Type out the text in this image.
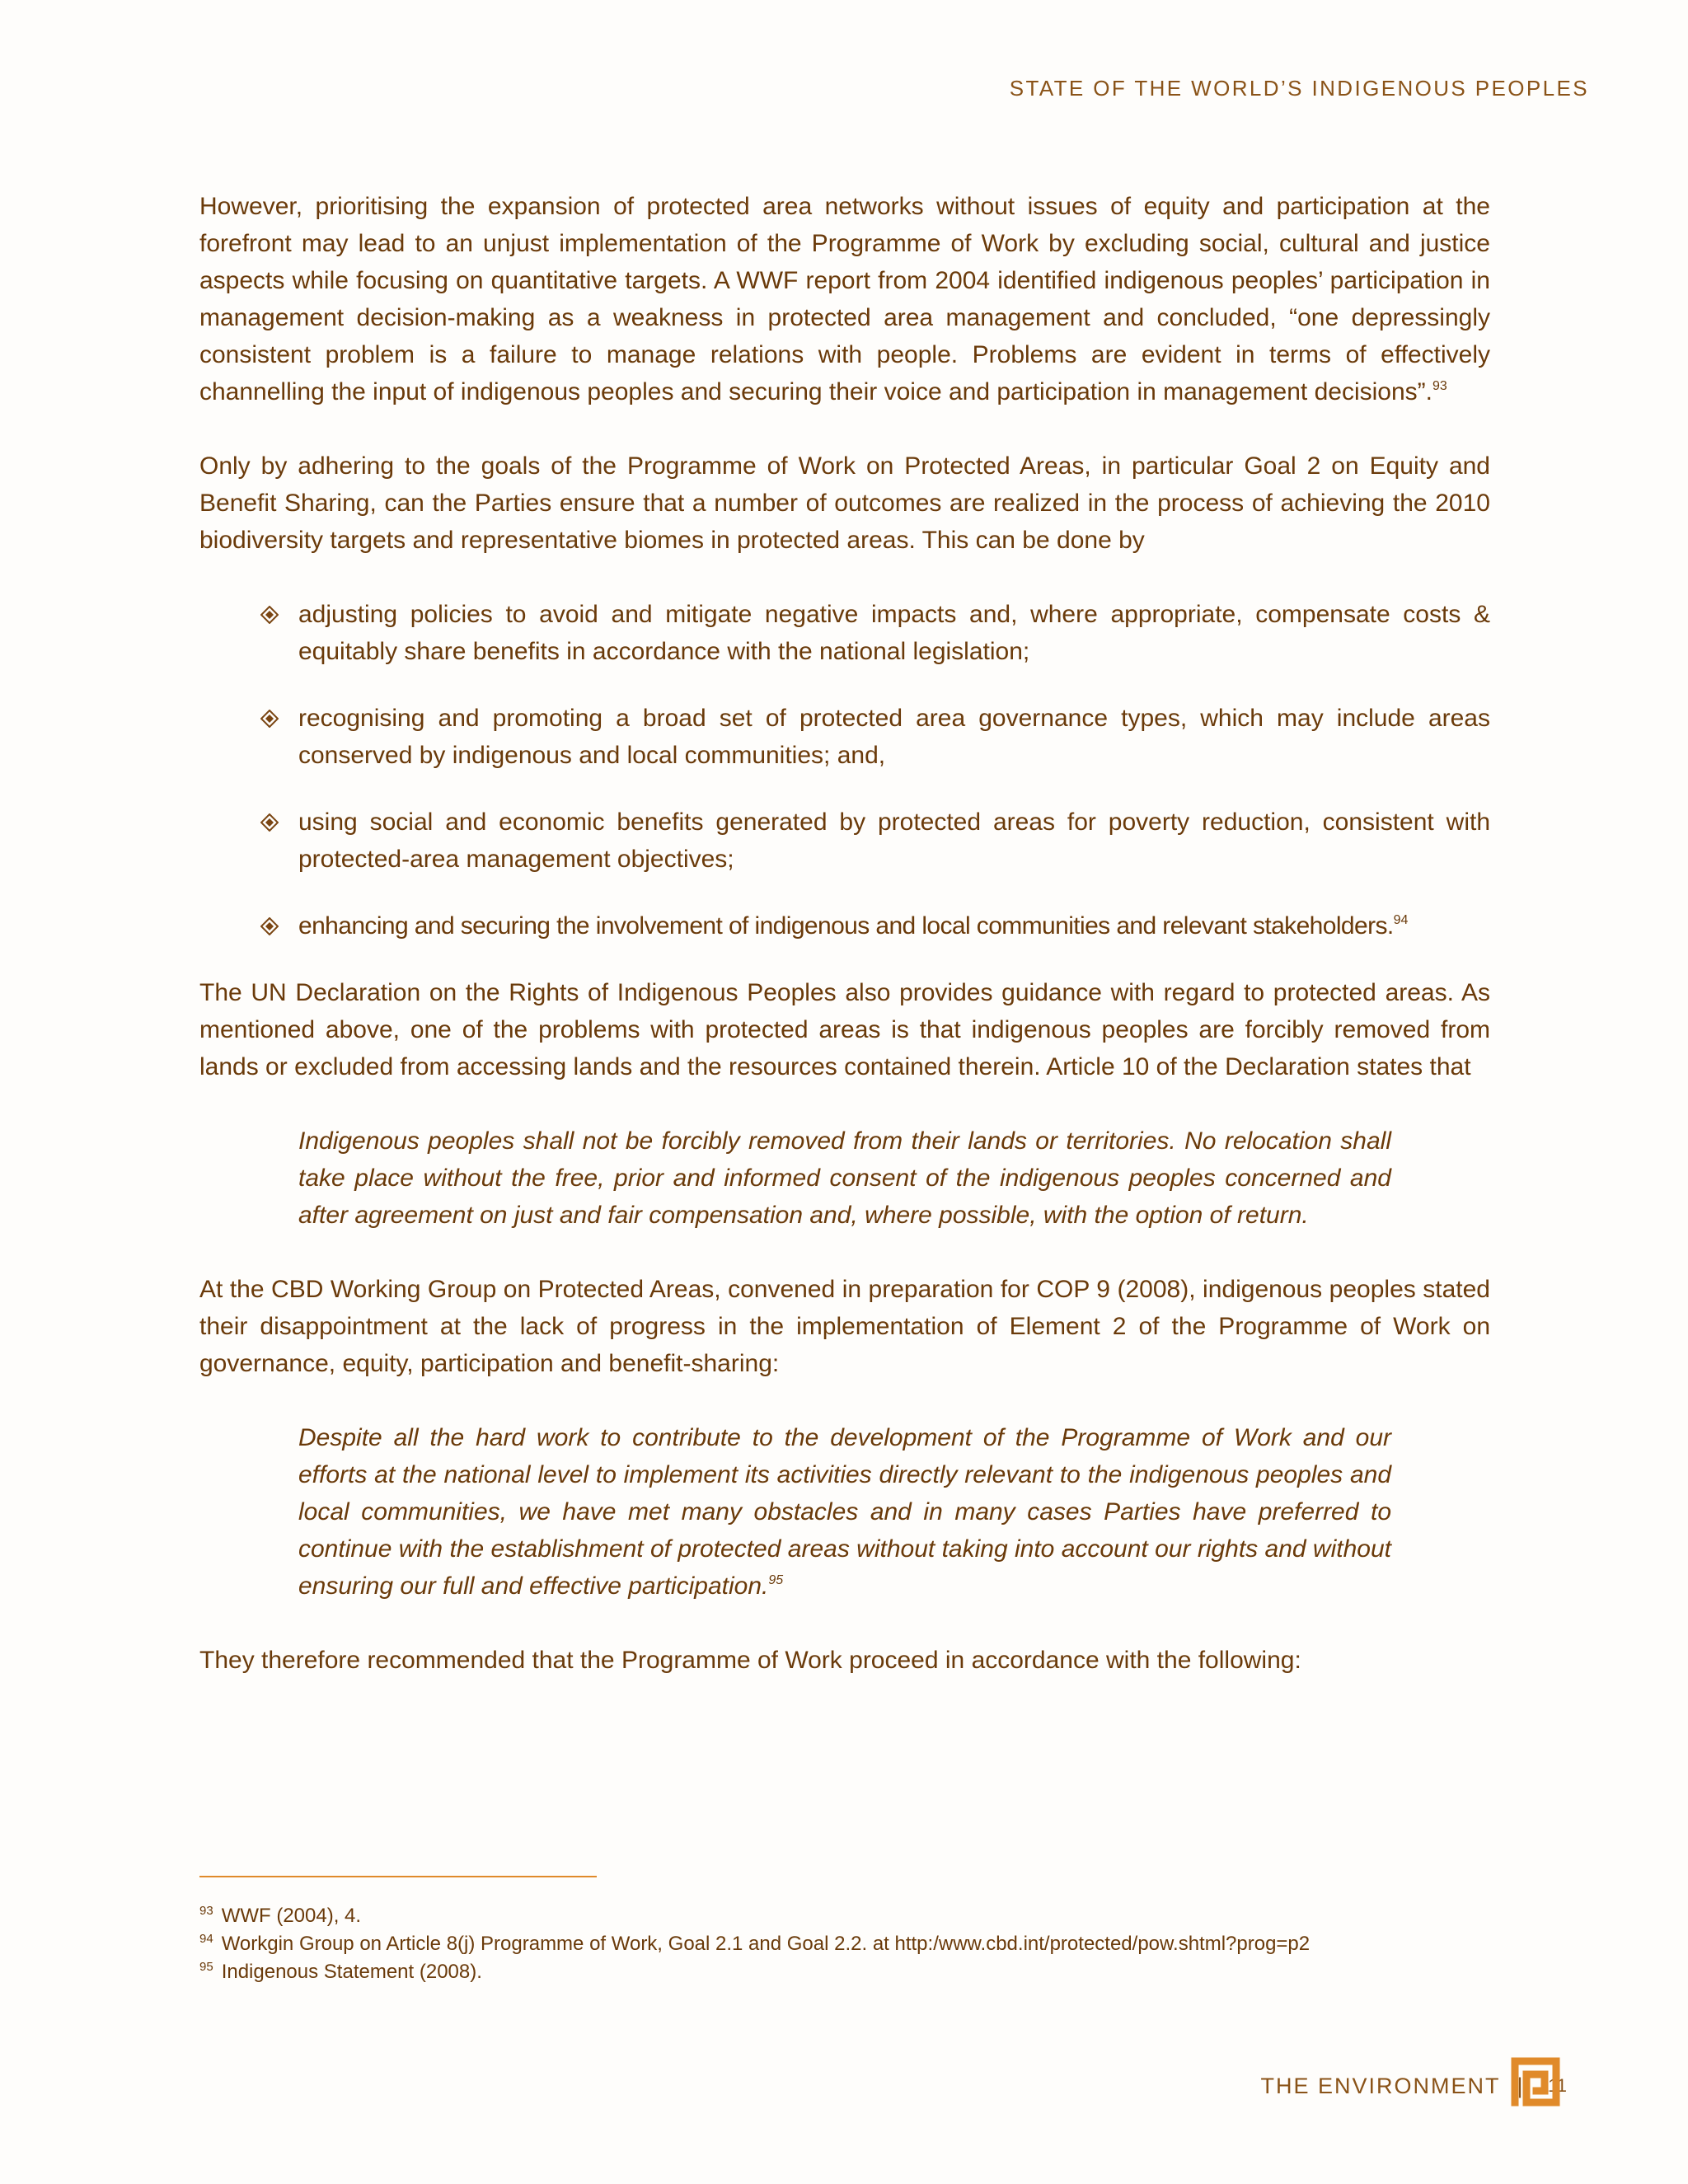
STATE OF THE WORLD’S INDIGENOUS PEOPLES

However, prioritising the expansion of protected area networks without issues of equity and participation at the forefront may lead to an unjust implementation of the Programme of Work by excluding social, cultural and justice aspects while focusing on quantitative targets. A WWF report from 2004 identified indigenous peoples’ participation in management decision-making as a weakness in protected area management and concluded, “one depressingly consistent problem is a failure to manage relations with people. Problems are evident in terms of effectively channelling the input of indigenous peoples and securing their voice and participation in management decisions”.$^{93}$

Only by adhering to the goals of the Programme of Work on Protected Areas, in particular Goal 2 on Equity and Benefit Sharing, can the Parties ensure that a number of outcomes are realized in the process of achieving the 2010 biodiversity targets and representative biomes in protected areas. This can be done by

adjusting policies to avoid and mitigate negative impacts and, where appropriate, compensate costs & equitably share benefits in accordance with the national legislation;
recognising and promoting a broad set of protected area governance types, which may include areas conserved by indigenous and local communities; and,
using social and economic benefits generated by protected areas for poverty reduction, consistent with protected-area management objectives;
enhancing and securing the involvement of indigenous and local communities and relevant stakeholders.$^{94}$

The UN Declaration on the Rights of Indigenous Peoples also provides guidance with regard to protected areas. As mentioned above, one of the problems with protected areas is that indigenous peoples are forcibly removed from lands or excluded from accessing lands and the resources contained therein. Article 10 of the Declaration states that

Indigenous peoples shall not be forcibly removed from their lands or territories. No relocation shall take place without the free, prior and informed consent of the indigenous peoples concerned and after agreement on just and fair compensation and, where possible, with the option of return.

At the CBD Working Group on Protected Areas, convened in preparation for COP 9 (2008), indigenous peoples stated their disappointment at the lack of progress in the implementation of Element 2 of the Programme of Work on governance, equity, participation and benefit-sharing:

Despite all the hard work to contribute to the development of the Programme of Work and our efforts at the national level to implement its activities directly relevant to the indigenous peoples and local communities, we have met many obstacles and in many cases Parties have preferred to continue with the establishment of protected areas without taking into account our rights and without ensuring our full and effective participation.$^{95}$

They therefore recommended that the Programme of Work proceed in accordance with the following:

$^{93}$ WWF (2004), 4.
$^{94}$ Workgin Group on Article 8(j) Programme of Work, Goal 2.1 and Goal 2.2. at http:/www.cbd.int/protected/pow.shtml?prog=p2
$^{95}$ Indigenous Statement (2008).
THE ENVIRONMENT | 111
